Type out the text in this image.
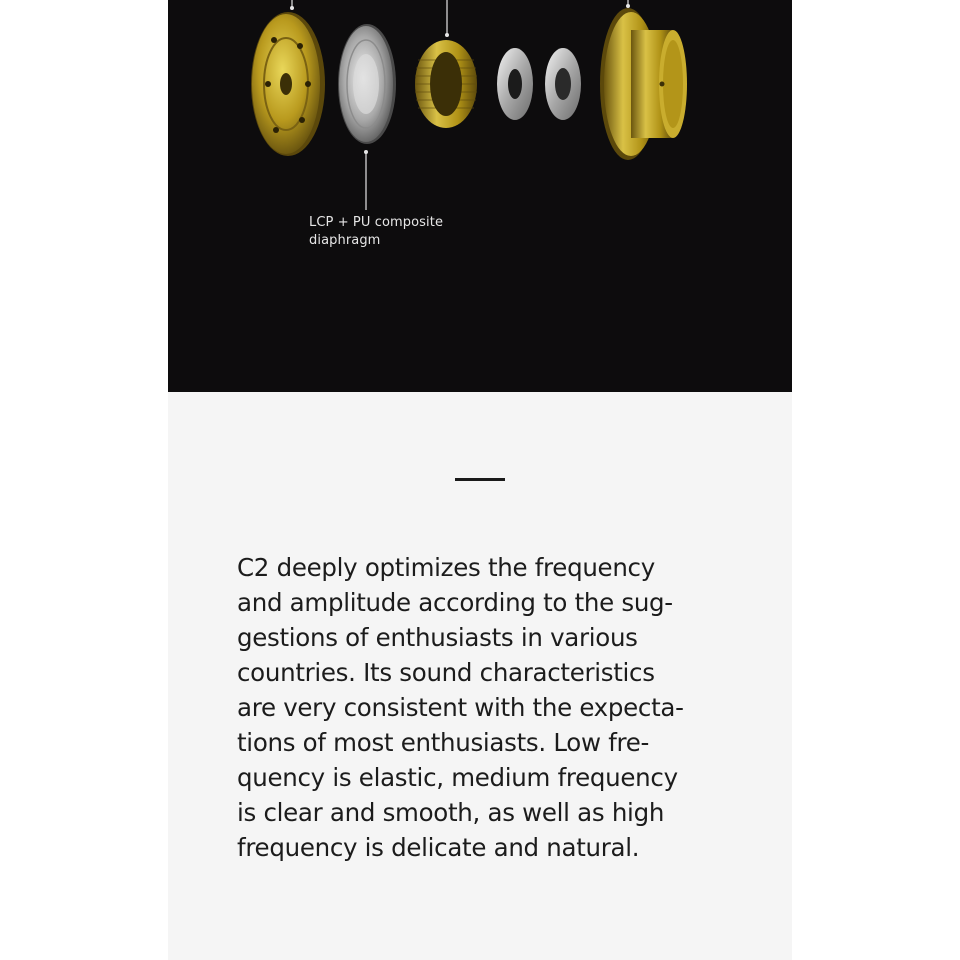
LCP + PU composite
diaphragm
C2 deeply optimizes the frequency
and amplitude according to the sug-
gestions of enthusiasts in various
countries. Its sound characteristics
are very consistent with the expecta-
tions of most enthusiasts. Low fre-
quency is elastic, medium frequency
is clear and smooth, as well as high
frequency is delicate and natural.
